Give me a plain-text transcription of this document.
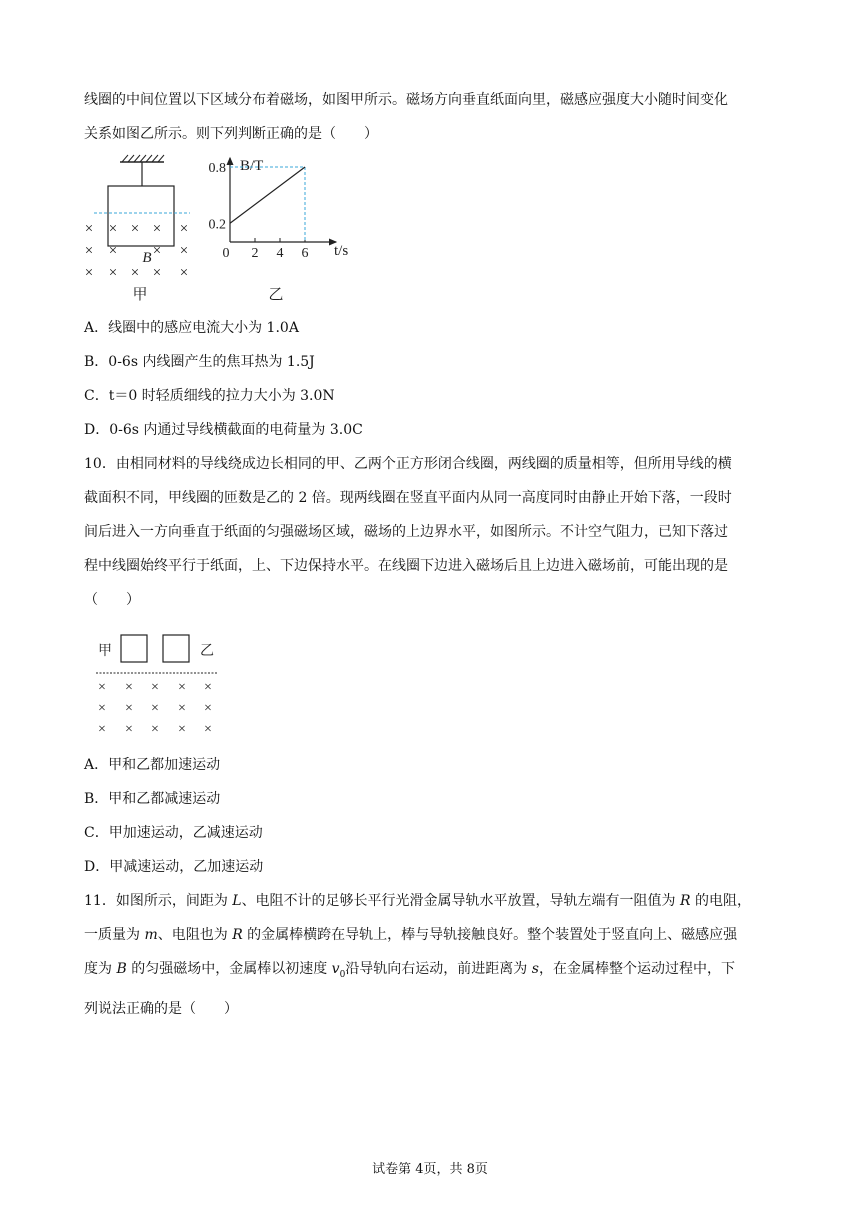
线圈的中间位置以下区域分布着磁场，如图甲所示。磁场方向垂直纸面向里，磁感应强度大小随时间变化
关系如图乙所示。则下列判断正确的是（　　）
× × × × ×
× × × ×
× × × × ×
B
甲
B/T
t/s
0 2 4 6
0.2
0.8
乙
A．线圈中的感应电流大小为 1.0A
B．0-6s 内线圈产生的焦耳热为 1.5J
C．t＝0 时轻质细线的拉力大小为 3.0N
D．0-6s 内通过导线横截面的电荷量为 3.0C
10．由相同材料的导线绕成边长相同的甲、乙两个正方形闭合线圈，两线圈的质量相等，但所用导线的横
截面积不同，甲线圈的匝数是乙的 2 倍。现两线圈在竖直平面内从同一高度同时由静止开始下落，一段时
间后进入一方向垂直于纸面的匀强磁场区域，磁场的上边界水平，如图所示。不计空气阻力，已知下落过
程中线圈始终平行于纸面，上、下边保持水平。在线圈下边进入磁场后且上边进入磁场前，可能出现的是
（　　）
甲	乙
× × × × ×
× × × × ×
× × × × ×
A．甲和乙都加速运动
B．甲和乙都减速运动
C．甲加速运动，乙减速运动
D．甲减速运动，乙加速运动
11．如图所示，间距为 L、电阻不计的足够长平行光滑金属导轨水平放置，导轨左端有一阻值为 R 的电阻，
一质量为 m、电阻也为 R 的金属棒横跨在导轨上，棒与导轨接触良好。整个装置处于竖直向上、磁感应强
度为 B 的匀强磁场中，金属棒以初速度 $v_0$沿导轨向右运动，前进距离为 s，在金属棒整个运动过程中，下
列说法正确的是（　　）
试卷第 4页，共 8页
